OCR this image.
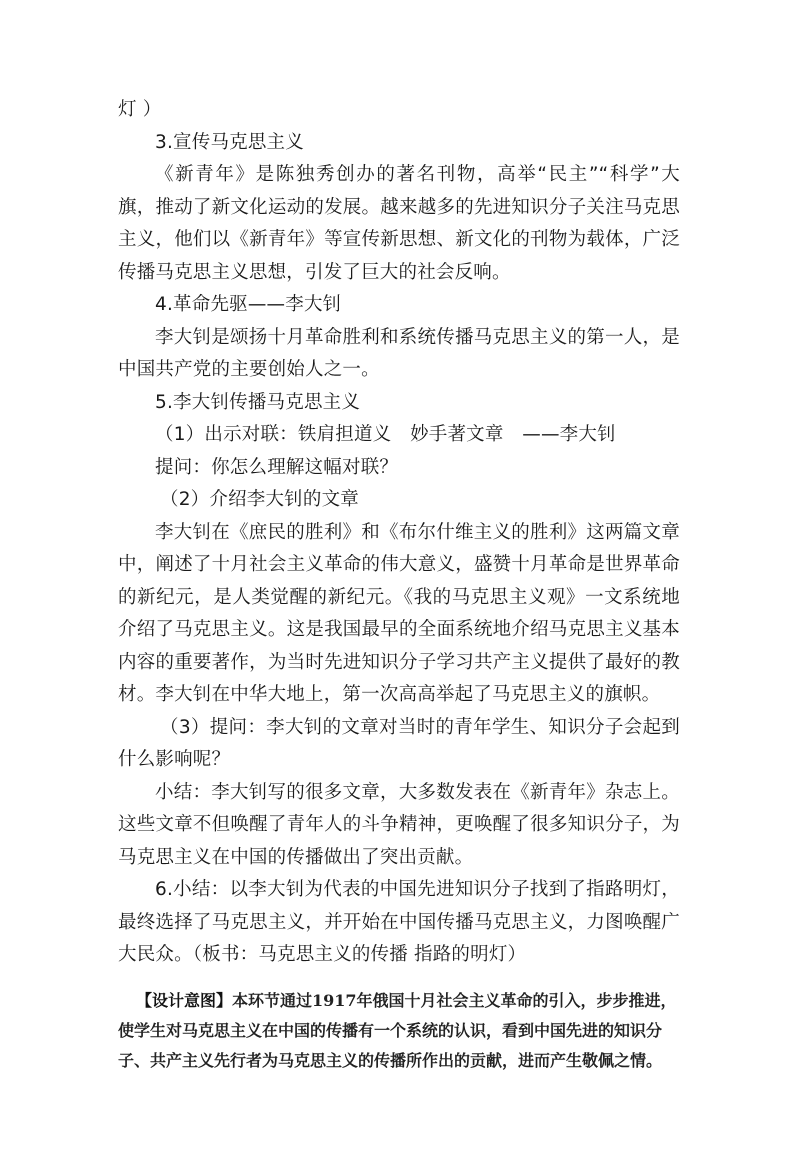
灯 ）

3.宣传马克思主义

《新青年》是陈独秀创办的著名刊物，高举“民主”“科学”大旗，推动了新文化运动的发展。越来越多的先进知识分子关注马克思主义，他们以《新青年》等宣传新思想、新文化的刊物为载体，广泛传播马克思主义思想，引发了巨大的社会反响。

4.革命先驱——李大钊

李大钊是颂扬十月革命胜利和系统传播马克思主义的第一人，是中国共产党的主要创始人之一。

5.李大钊传播马克思主义

（1）出示对联：铁肩担道义　妙手著文章　——李大钊

提问：你怎么理解这幅对联？

（2）介绍李大钊的文章

李大钊在《庶民的胜利》和《布尔什维主义的胜利》这两篇文章中，阐述了十月社会主义革命的伟大意义，盛赞十月革命是世界革命的新纪元，是人类觉醒的新纪元。《我的马克思主义观》一文系统地介绍了马克思主义。这是我国最早的全面系统地介绍马克思主义基本内容的重要著作，为当时先进知识分子学习共产主义提供了最好的教材。李大钊在中华大地上，第一次高高举起了马克思主义的旗帜。

（3）提问：李大钊的文章对当时的青年学生、知识分子会起到什么影响呢？

小结：李大钊写的很多文章，大多数发表在《新青年》杂志上。这些文章不但唤醒了青年人的斗争精神，更唤醒了很多知识分子，为马克思主义在中国的传播做出了突出贡献。

6.小结：以李大钊为代表的中国先进知识分子找到了指路明灯，最终选择了马克思主义，并开始在中国传播马克思主义，力图唤醒广大民众。（板书：马克思主义的传播 指路的明灯）

【设计意图】本环节通过1917年俄国十月社会主义革命的引入，步步推进，使学生对马克思主义在中国的传播有一个系统的认识，看到中国先进的知识分子、共产主义先行者为马克思主义的传播所作出的贡献，进而产生敬佩之情。
